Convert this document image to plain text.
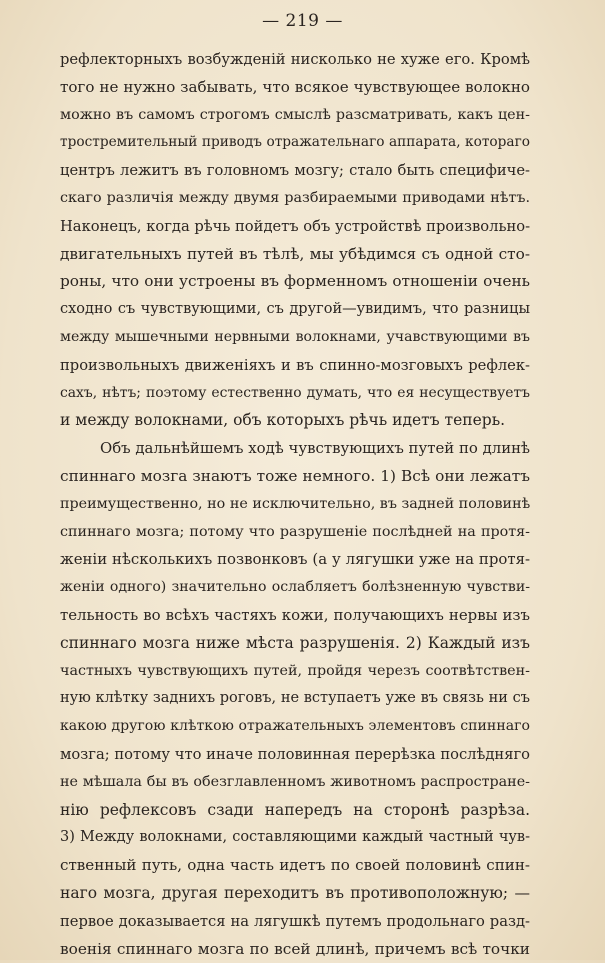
— 219 —
рефлекторныхъ возбужденій нисколько не хуже его. Кромѣ
того не нужно забывать, что всякое чувствующее волокно
можно въ самомъ строгомъ смыслѣ разсматривать, какъ цен-
тростремительный приводъ отражательнаго аппарата, котораго
центръ лежитъ въ головномъ мозгу; стало быть специфиче-
скаго различія между двумя разбираемыми приводами нѣтъ.
Наконецъ, когда рѣчь пойдетъ объ устройствѣ произвольно-
двигательныхъ путей въ тѣлѣ, мы убѣдимся съ одной сто-
роны, что они устроены въ форменномъ отношеніи очень
сходно съ чувствующими, съ другой—увидимъ, что разницы
между мышечными нервными волокнами, учавствующими въ
произвольныхъ движеніяхъ и въ спинно-мозговыхъ рефлек-
сахъ, нѣтъ; поэтому естественно думать, что ея несуществуетъ
и между волокнами, объ которыхъ рѣчь идетъ теперь.
Объ дальнѣйшемъ ходѣ чувствующихъ путей по длинѣ
спиннаго мозга знаютъ тоже немного. 1) Всѣ они лежатъ
преимущественно, но не исключительно, въ задней половинѣ
спиннаго мозга; потому что разрушеніе послѣдней на протя-
женіи нѣсколькихъ позвонковъ (а у лягушки уже на протя-
женіи одного) значительно ослабляетъ болѣзненную чувстви-
тельность во всѣхъ частяхъ кожи, получающихъ нервы изъ
спиннаго мозга ниже мѣста разрушенія. 2) Каждый изъ
частныхъ чувствующихъ путей, пройдя черезъ соотвѣтствен-
ную клѣтку заднихъ роговъ, не вступаетъ уже въ связь ни съ
какою другою клѣткою отражательныхъ элементовъ спиннаго
мозга; потому что иначе половинная перерѣзка послѣдняго
не мѣшала бы въ обезглавленномъ животномъ распростране-
нію рефлексовъ сзади напередъ на сторонѣ разрѣза.
3) Между волокнами, составляющими каждый частный чув-
ственный путь, одна часть идетъ по своей половинѣ спин-
наго мозга, другая переходитъ въ противоположную; —
первое доказывается на лягушкѣ путемъ продольнаго разд-
военія спиннаго мозга по всей длинѣ, причемъ всѣ точки
